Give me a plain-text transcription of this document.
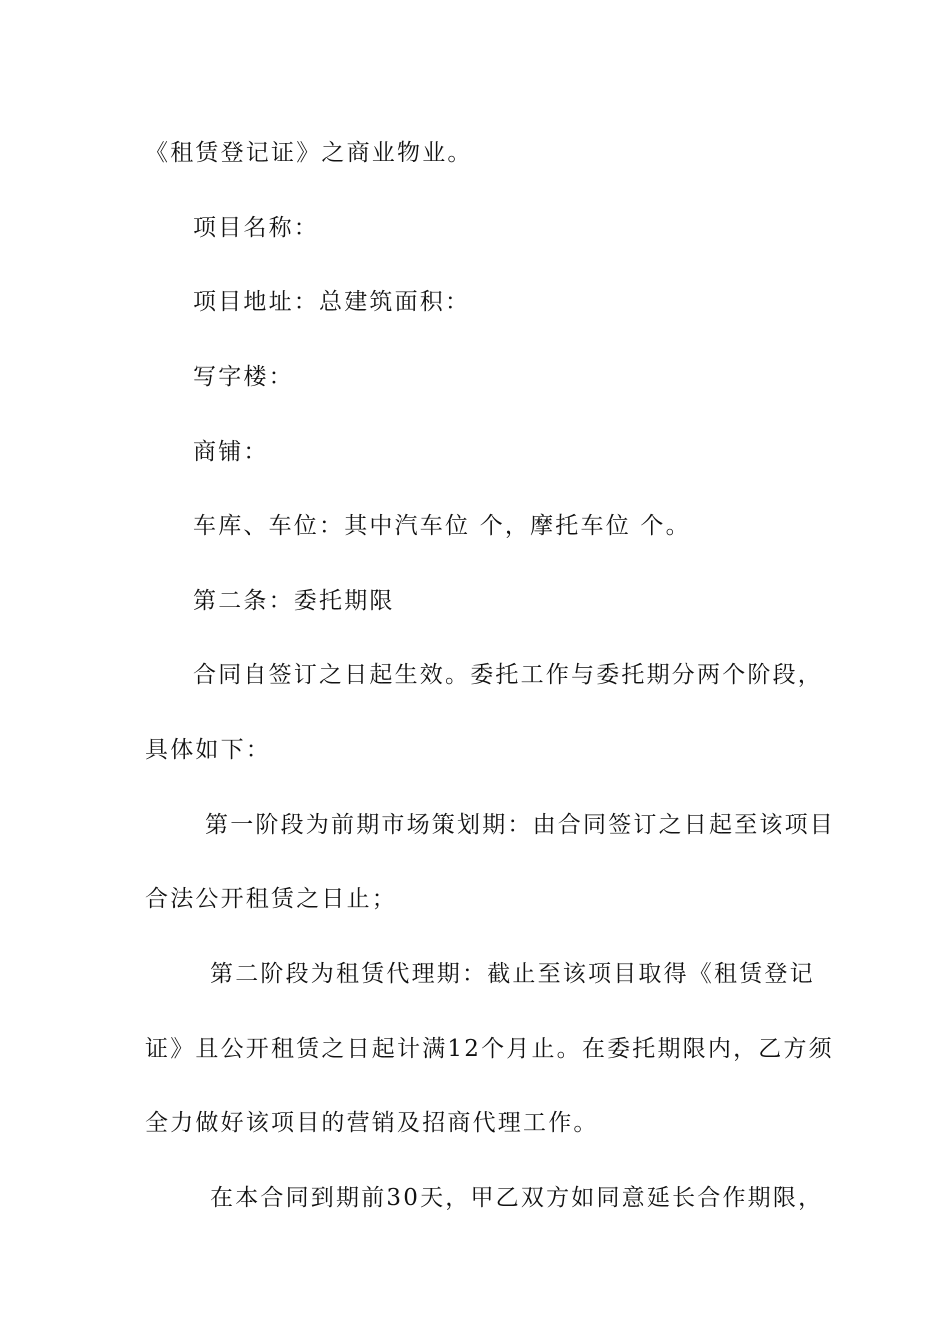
《租赁登记证》之商业物业。
项目名称：
项目地址：总建筑面积：
写字楼：
商铺：
车库、车位：其中汽车位 个，摩托车位 个。
第二条：委托期限
合同自签订之日起生效。委托工作与委托期分两个阶段，
具体如下：
第一阶段为前期市场策划期：由合同签订之日起至该项目
合法公开租赁之日止；
第二阶段为租赁代理期：截止至该项目取得《租赁登记
证》且公开租赁之日起计满12个月止。在委托期限内，乙方须
全力做好该项目的营销及招商代理工作。
在本合同到期前30天，甲乙双方如同意延长合作期限，
